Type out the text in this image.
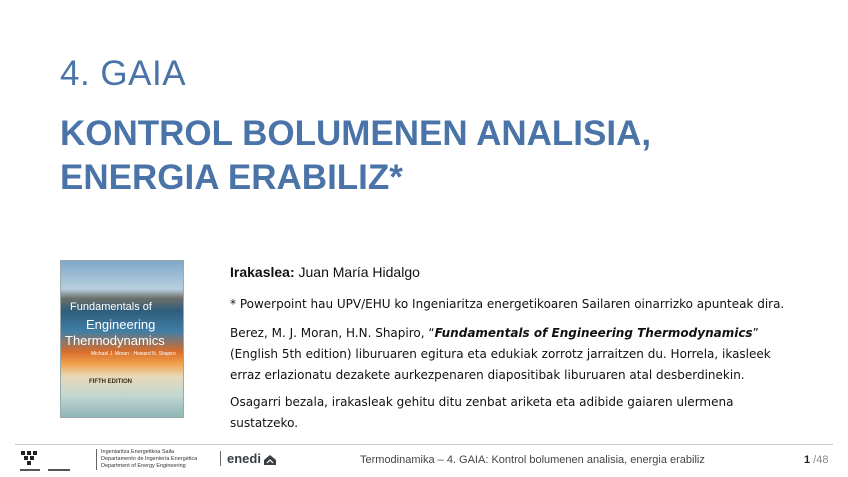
4. GAIA
KONTROL BOLUMENEN ANALISIA,
ENERGIA ERABILIZ*
Fundamentals of
Engineering
Thermodynamics
Michael J. Moran · Howard N. Shapiro
FIFTH EDITION
Irakaslea: Juan María Hidalgo
* Powerpoint hau UPV/EHU ko Ingeniaritza energetikoaren Sailaren oinarrizko apunteak dira.
Berez, M. J. Moran, H.N. Shapiro, “Fundamentals of Engineering Thermodynamics” (English 5th edition) liburuaren egitura eta edukiak zorrotz jarraitzen du. Horrela, ikasleek erraz erlazionatu dezakete aurkezpenaren diapositibak liburuaren atal desberdinekin.
Osagarri bezala, irakasleak gehitu ditu zenbat ariketa eta adibide gaiaren ulermena sustatzeko.
Ingeniaritza Energetikoa Saila
Departamento de Ingeniería Energética
Department of Energy Engineering	enedi	Termodinamika – 4. GAIA: Kontrol bolumenen analisia, energia erabiliz	1 /48
